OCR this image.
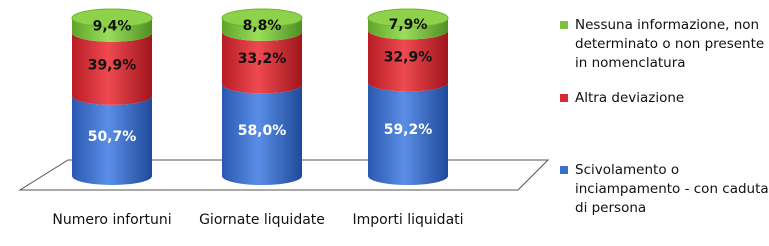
50,7%
39,9%
9,4%
58,0%
33,2%
8,8%
59,2%
32,9%
7,9%
Numero infortuni Giornate liquidate Importi liquidati
Nessuna informazione, non determinato o non presente in nomenclatura
Altra deviazione
Scivolamento o inciampamento - con caduta di persona
